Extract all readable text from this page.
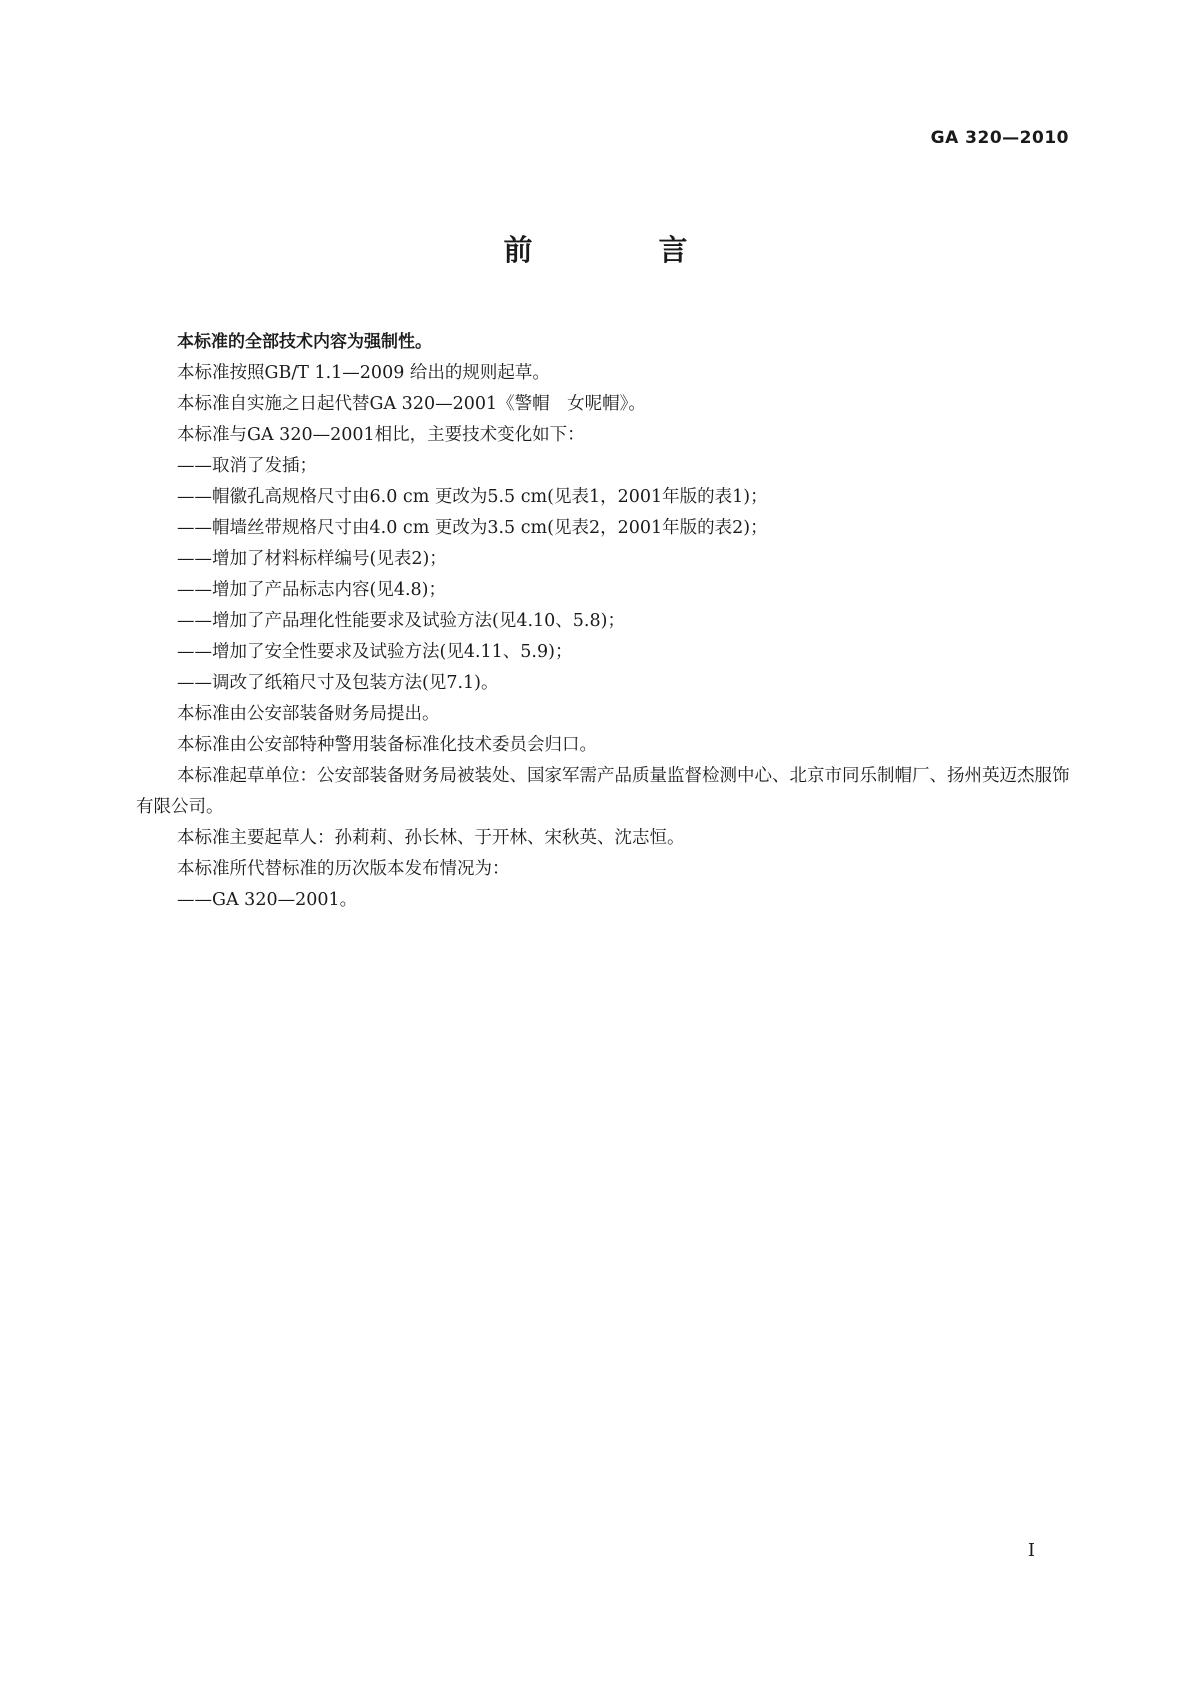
GA 320—2010
前 言

本标准的全部技术内容为强制性。

本标准按照GB/T 1.1—2009 给出的规则起草。

本标准自实施之日起代替GA 320—2001《警帽　女呢帽》。

本标准与GA 320—2001相比，主要技术变化如下：

——取消了发插；

——帽徽孔高规格尺寸由6.0 cm 更改为5.5 cm(见表1，2001年版的表1)；

——帽墙丝带规格尺寸由4.0 cm 更改为3.5 cm(见表2，2001年版的表2)；

——增加了材料标样编号(见表2)；

——增加了产品标志内容(见4.8)；

——增加了产品理化性能要求及试验方法(见4.10、5.8)；

——增加了安全性要求及试验方法(见4.11、5.9)；

——调改了纸箱尺寸及包装方法(见7.1)。

本标准由公安部装备财务局提出。

本标准由公安部特种警用装备标准化技术委员会归口。

本标准起草单位：公安部装备财务局被装处、国家军需产品质量监督检测中心、北京市同乐制帽厂、扬州英迈杰服饰有限公司。

本标准主要起草人：孙莉莉、孙长林、于开林、宋秋英、沈志恒。

本标准所代替标准的历次版本发布情况为：

——GA 320—2001。

I
